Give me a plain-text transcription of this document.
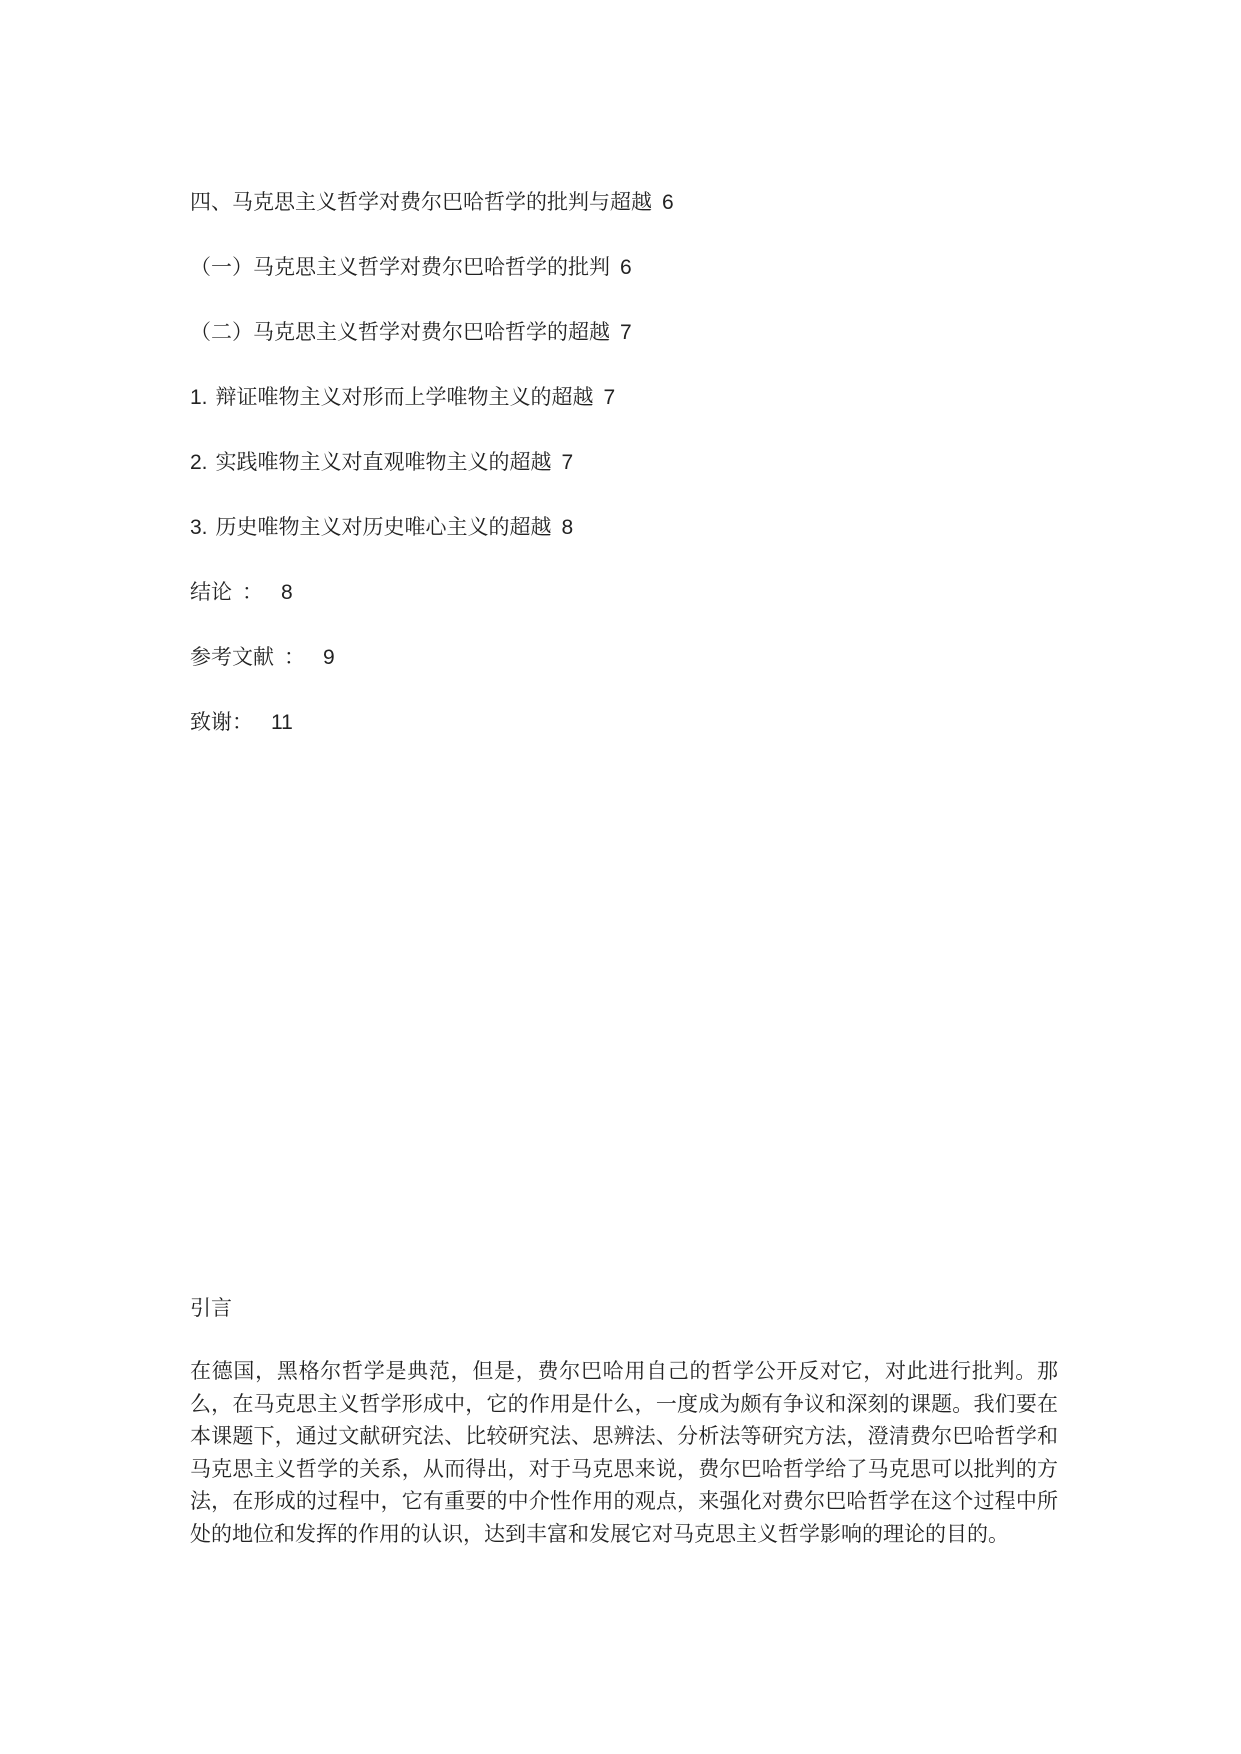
四、马克思主义哲学对费尔巴哈哲学的批判与超越 6
（一）马克思主义哲学对费尔巴哈哲学的批判 6
（二）马克思主义哲学对费尔巴哈哲学的超越 7
1. 辩证唯物主义对形而上学唯物主义的超越 7
2. 实践唯物主义对直观唯物主义的超越 7
3. 历史唯物主义对历史唯心主义的超越 8
结论 ： 8
参考文献 ： 9
致谢： 11
引言
在德国，黑格尔哲学是典范，但是，费尔巴哈用自己的哲学公开反对它，对此进行批判。那么，在马克思主义哲学形成中，它的作用是什么，一度成为颇有争议和深刻的课题。我们要在本课题下，通过文献研究法、比较研究法、思辨法、分析法等研究方法，澄清费尔巴哈哲学和马克思主义哲学的关系，从而得出，对于马克思来说，费尔巴哈哲学给了马克思可以批判的方法，在形成的过程中，它有重要的中介性作用的观点，来强化对费尔巴哈哲学在这个过程中所处的地位和发挥的作用的认识，达到丰富和发展它对马克思主义哲学影响的理论的目的。
